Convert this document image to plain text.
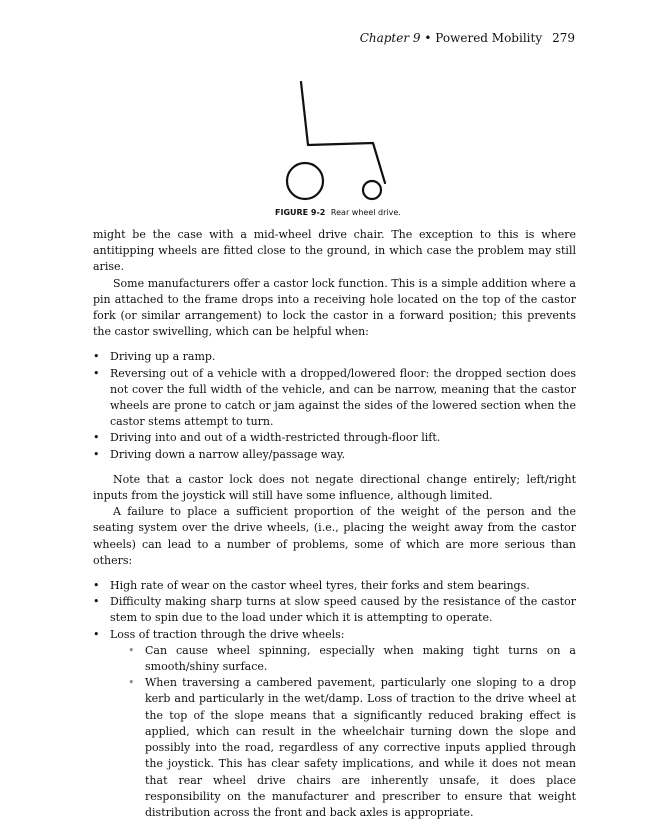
Chapter 9 • Powered Mobility 279
FIGURE 9-2 Rear wheel drive.

might be the case with a mid-wheel drive chair. The exception to this is where antitipping wheels are fitted close to the ground, in which case the problem may still arise.

Some manufacturers offer a castor lock function. This is a simple addition where a pin attached to the frame drops into a receiving hole located on the top of the castor fork (or similar arrangement) to lock the castor in a forward position; this prevents the castor swivelling, which can be helpful when:

• Driving up a ramp.
• Reversing out of a vehicle with a dropped/lowered floor: the dropped section does not cover the full width of the vehicle, and can be narrow, meaning that the castor wheels are prone to catch or jam against the sides of the lowered section when the castor stems attempt to turn.
• Driving into and out of a width-restricted through-floor lift.
• Driving down a narrow alley/passage way.

Note that a castor lock does not negate directional change entirely; left/right inputs from the joystick will still have some influence, although limited.

A failure to place a sufficient proportion of the weight of the person and the seating system over the drive wheels, (i.e., placing the weight away from the castor wheels) can lead to a number of problems, some of which are more serious than others:

• High rate of wear on the castor wheel tyres, their forks and stem bearings.
• Difficulty making sharp turns at slow speed caused by the resistance of the castor stem to spin due to the load under which it is attempting to operate.
• Loss of traction through the drive wheels:
• Can cause wheel spinning, especially when making tight turns on a smooth/shiny surface.
• When traversing a cambered pavement, particularly one sloping to a drop kerb and particularly in the wet/damp. Loss of traction to the drive wheel at the top of the slope means that a significantly reduced braking effect is applied, which can result in the wheelchair turning down the slope and possibly into the road, regardless of any corrective inputs applied through the joystick. This has clear safety implications, and while it does not mean that rear wheel drive chairs are inherently unsafe, it does place responsibility on the manufacturer and prescriber to ensure that weight distribution across the front and back axles is appropriate.
